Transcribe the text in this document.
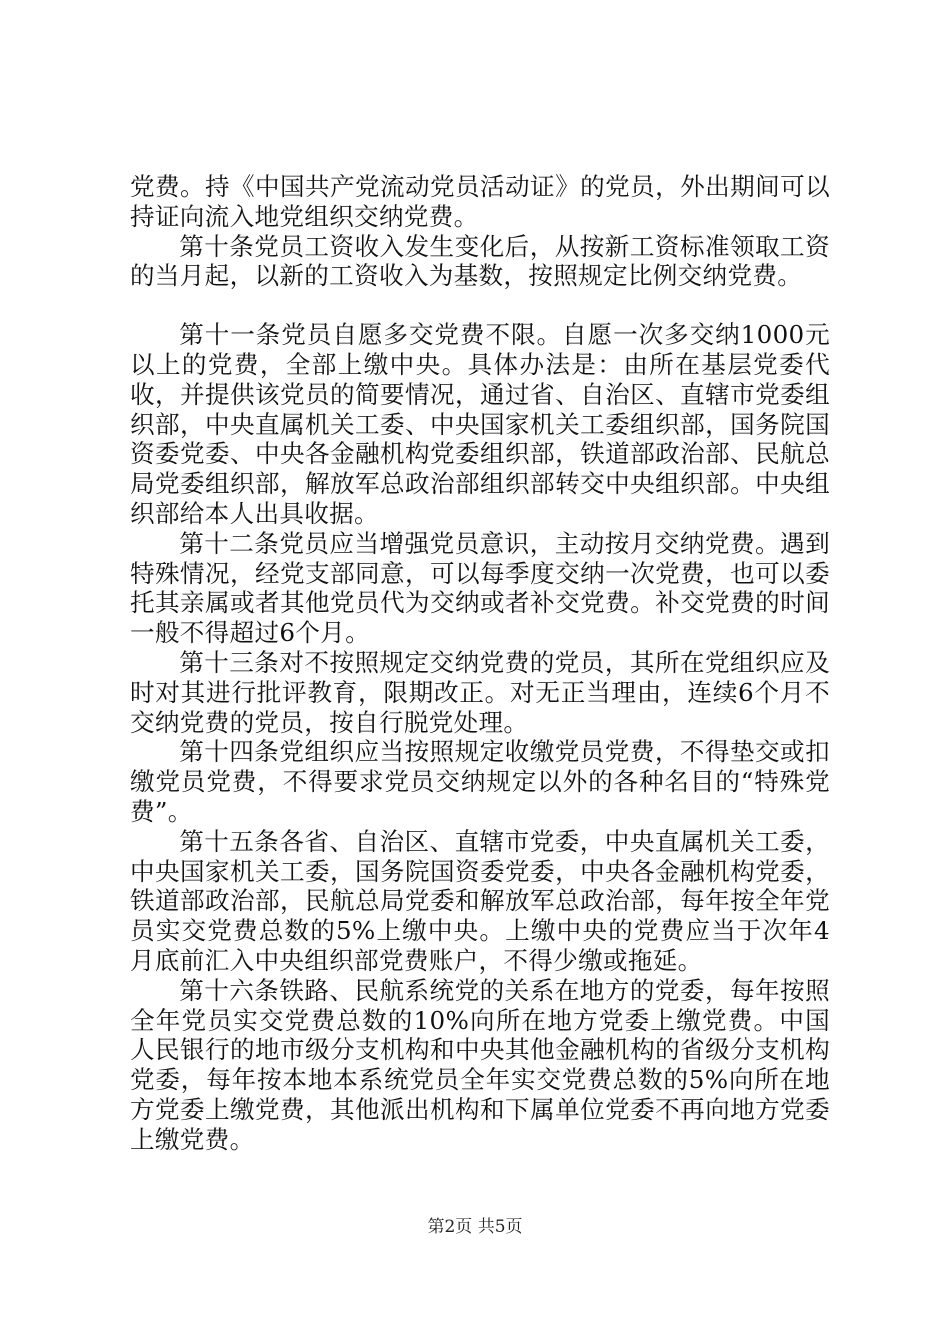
党费。持《中国共产党流动党员活动证》的党员，外出期间可以持证向流入地党组织交纳党费。

第十条党员工资收入发生变化后，从按新工资标准领取工资的当月起，以新的工资收入为基数，按照规定比例交纳党费。

第十一条党员自愿多交党费不限。自愿一次多交纳1000元以上的党费，全部上缴中央。具体办法是：由所在基层党委代收，并提供该党员的简要情况，通过省、自治区、直辖市党委组织部，中央直属机关工委、中央国家机关工委组织部，国务院国资委党委、中央各金融机构党委组织部，铁道部政治部、民航总局党委组织部，解放军总政治部组织部转交中央组织部。中央组织部给本人出具收据。

第十二条党员应当增强党员意识，主动按月交纳党费。遇到特殊情况，经党支部同意，可以每季度交纳一次党费，也可以委托其亲属或者其他党员代为交纳或者补交党费。补交党费的时间一般不得超过6个月。

第十三条对不按照规定交纳党费的党员，其所在党组织应及时对其进行批评教育，限期改正。对无正当理由，连续6个月不交纳党费的党员，按自行脱党处理。

第十四条党组织应当按照规定收缴党员党费，不得垫交或扣缴党员党费，不得要求党员交纳规定以外的各种名目的“特殊党费”。

第十五条各省、自治区、直辖市党委，中央直属机关工委，中央国家机关工委，国务院国资委党委，中央各金融机构党委，铁道部政治部，民航总局党委和解放军总政治部，每年按全年党员实交党费总数的5%上缴中央。上缴中央的党费应当于次年4月底前汇入中央组织部党费账户，不得少缴或拖延。

第十六条铁路、民航系统党的关系在地方的党委，每年按照全年党员实交党费总数的10%向所在地方党委上缴党费。中国人民银行的地市级分支机构和中央其他金融机构的省级分支机构党委，每年按本地本系统党员全年实交党费总数的5%向所在地方党委上缴党费，其他派出机构和下属单位党委不再向地方党委上缴党费。

第2页 共5页
